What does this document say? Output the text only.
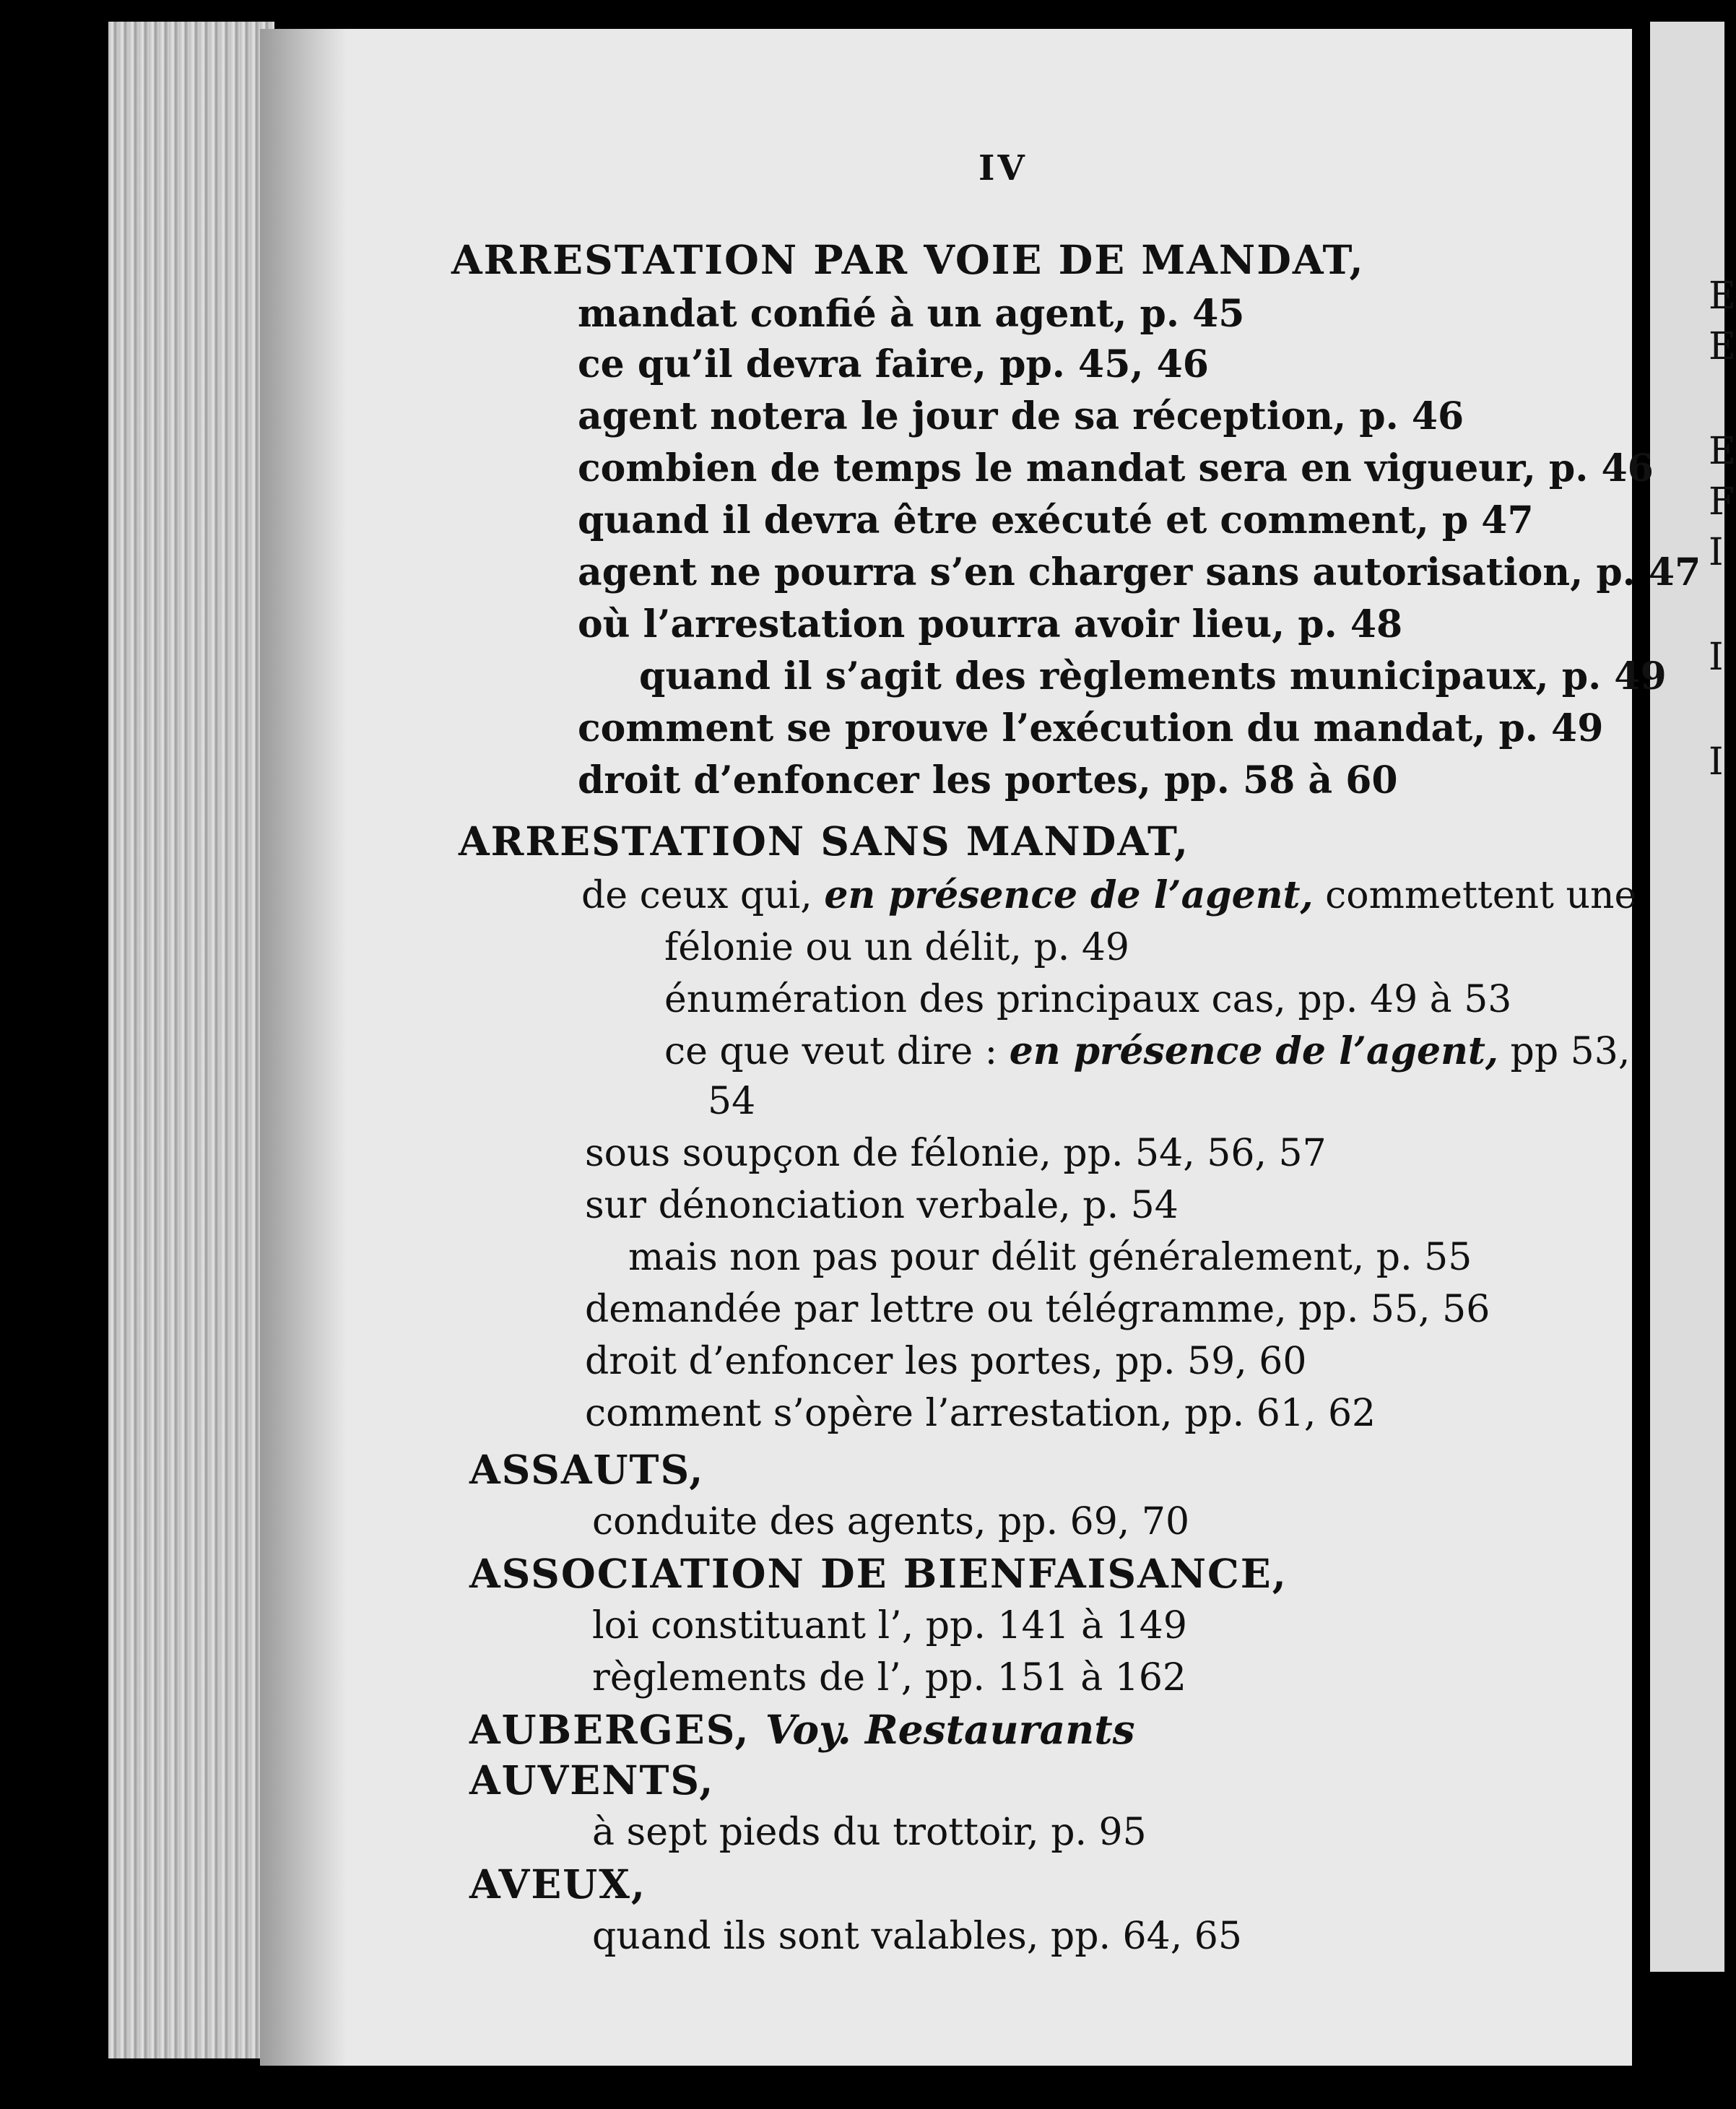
E
E
E
F
I
I
I
IV
ARRESTATION PAR VOIE DE MANDAT,
mandat confié à un agent, p. 45
ce qu’il devra faire, pp. 45, 46
agent notera le jour de sa réception, p. 46
combien de temps le mandat sera en vigueur, p. 46
quand il devra être exécuté et comment, p 47
agent ne pourra s’en charger sans autorisation, p. 47
où l’arrestation pourra avoir lieu, p. 48
quand il s’agit des règlements municipaux, p. 49
comment se prouve l’exécution du mandat, p. 49
droit d’enfoncer les portes, pp. 58 à 60
ARRESTATION SANS MANDAT,
de ceux qui, en présence de l’agent, commettent une
félonie ou un délit, p. 49
énumération des principaux cas, pp. 49 à 53
ce que veut dire : en présence de l’agent, pp 53,
54
sous soupçon de félonie, pp. 54, 56, 57
sur dénonciation verbale, p. 54
mais non pas pour délit généralement, p. 55
demandée par lettre ou télégramme, pp. 55, 56
droit d’enfoncer les portes, pp. 59, 60
comment s’opère l’arrestation, pp. 61, 62
ASSAUTS,
conduite des agents, pp. 69, 70
ASSOCIATION DE BIENFAISANCE,
loi constituant l’, pp. 141 à 149
règlements de l’, pp. 151 à 162
AUBERGES, Voy. Restaurants
AUVENTS,
à sept pieds du trottoir, p. 95
AVEUX,
quand ils sont valables, pp. 64, 65
